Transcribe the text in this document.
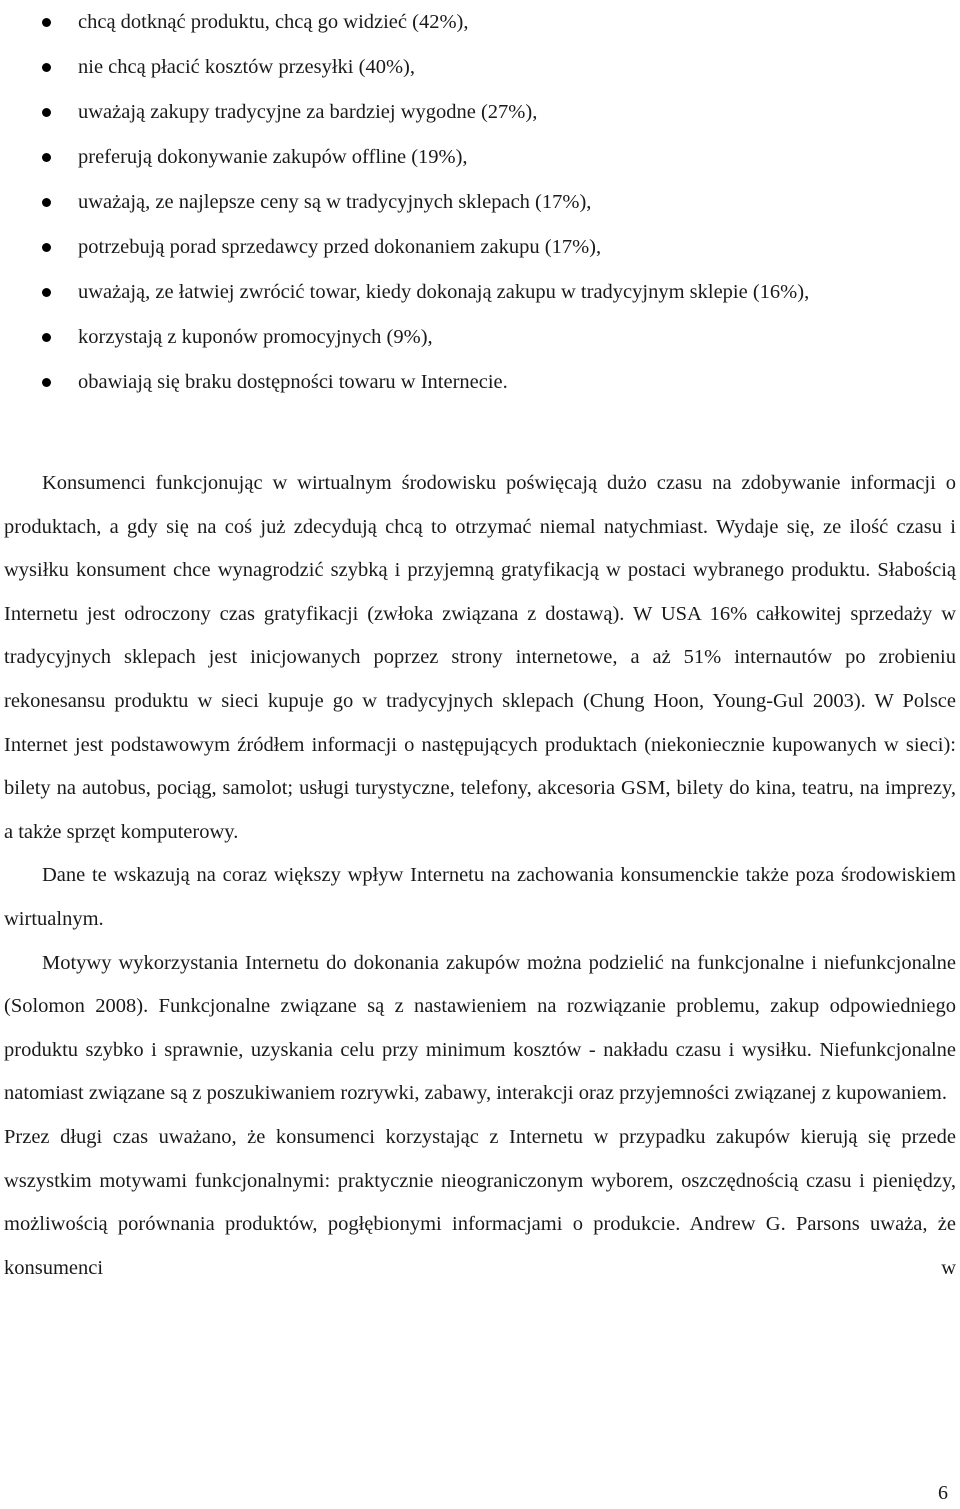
chcą dotknąć produktu, chcą go widzieć (42%),
nie chcą płacić kosztów przesyłki (40%),
uważają zakupy tradycyjne za bardziej wygodne (27%),
preferują dokonywanie zakupów offline (19%),
uważają, ze najlepsze ceny są w tradycyjnych sklepach (17%),
potrzebują porad sprzedawcy przed dokonaniem zakupu (17%),
uważają, ze łatwiej zwrócić towar, kiedy dokonają zakupu w tradycyjnym sklepie (16%),
korzystają z kuponów promocyjnych (9%),
obawiają się braku dostępności towaru w Internecie.

Konsumenci funkcjonując w wirtualnym środowisku poświęcają dużo czasu na zdobywanie informacji o produktach, a gdy się na coś już zdecydują chcą to otrzymać niemal natychmiast. Wydaje się, ze ilość czasu i wysiłku konsument chce wynagrodzić szybką i przyjemną gratyfikacją w postaci wybranego produktu. Słabością Internetu jest odroczony czas gratyfikacji (zwłoka związana z dostawą). W USA 16% całkowitej sprzedaży w tradycyjnych sklepach jest inicjowanych poprzez strony internetowe, a aż 51% internautów po zrobieniu rekonesansu produktu w sieci kupuje go w tradycyjnych sklepach (Chung Hoon, Young-Gul 2003). W Polsce Internet jest podstawowym źródłem informacji o następujących produktach (niekoniecznie kupowanych w sieci): bilety na autobus, pociąg, samolot; usługi turystyczne, telefony, akcesoria GSM, bilety do kina, teatru, na imprezy, a także sprzęt komputerowy.

Dane te wskazują na coraz większy wpływ Internetu na zachowania konsumenckie także poza środowiskiem wirtualnym.

Motywy wykorzystania Internetu do dokonania zakupów można podzielić na funkcjonalne i niefunkcjonalne (Solomon 2008). Funkcjonalne związane są z nastawieniem na rozwiązanie problemu, zakup odpowiedniego produktu szybko i sprawnie, uzyskania celu przy minimum kosztów - nakładu czasu i wysiłku. Niefunkcjonalne natomiast związane są z poszukiwaniem rozrywki, zabawy, interakcji oraz przyjemności związanej z kupowaniem.

Przez długi czas uważano, że konsumenci korzystając z Internetu w przypadku zakupów kierują się przede wszystkim motywami funkcjonalnymi: praktycznie nieograniczonym wyborem, oszczędnością czasu i pieniędzy, możliwością porównania produktów, pogłębionymi informacjami o produkcie. Andrew G. Parsons uważa, że konsumenci w

6
